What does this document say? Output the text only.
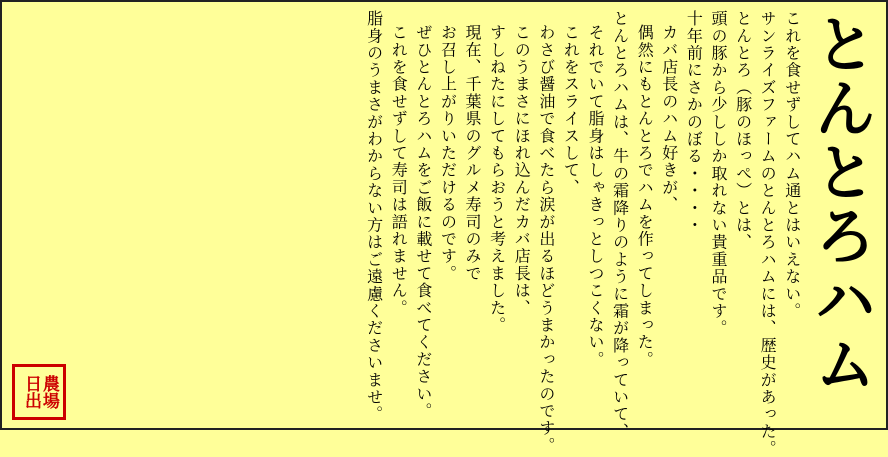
とんとろハム
これを食せずしてハム通とはいえない。
サンライズファームのとんとろハムには、歴史があった。
とんとろ（豚のほっぺ）とは、
頭の豚から少ししか取れない貴重品です。
十年前にさかのぼる・・・・
カバ店長のハム好きが、
偶然にもとんとろでハムを作ってしまった。
とんとろハムは、牛の霜降りのように霜が降っていて、
それでいて脂身はしゃきっとしつこくない。
これをスライスして、
わさび醤油で食べたら涙が出るほどうまかったのです。
このうまさにほれ込んだカバ店長は、
すしねたにしてもらおうと考えました。
現在、千葉県のグルメ寿司のみで
お召し上がりいただけるのです。
ぜひとんとろハムをご飯に載せて食べてください。
これを食せずして寿司は語れません。
脂身のうまさがわからない方はご遠慮くださいませ。
農場
日出
